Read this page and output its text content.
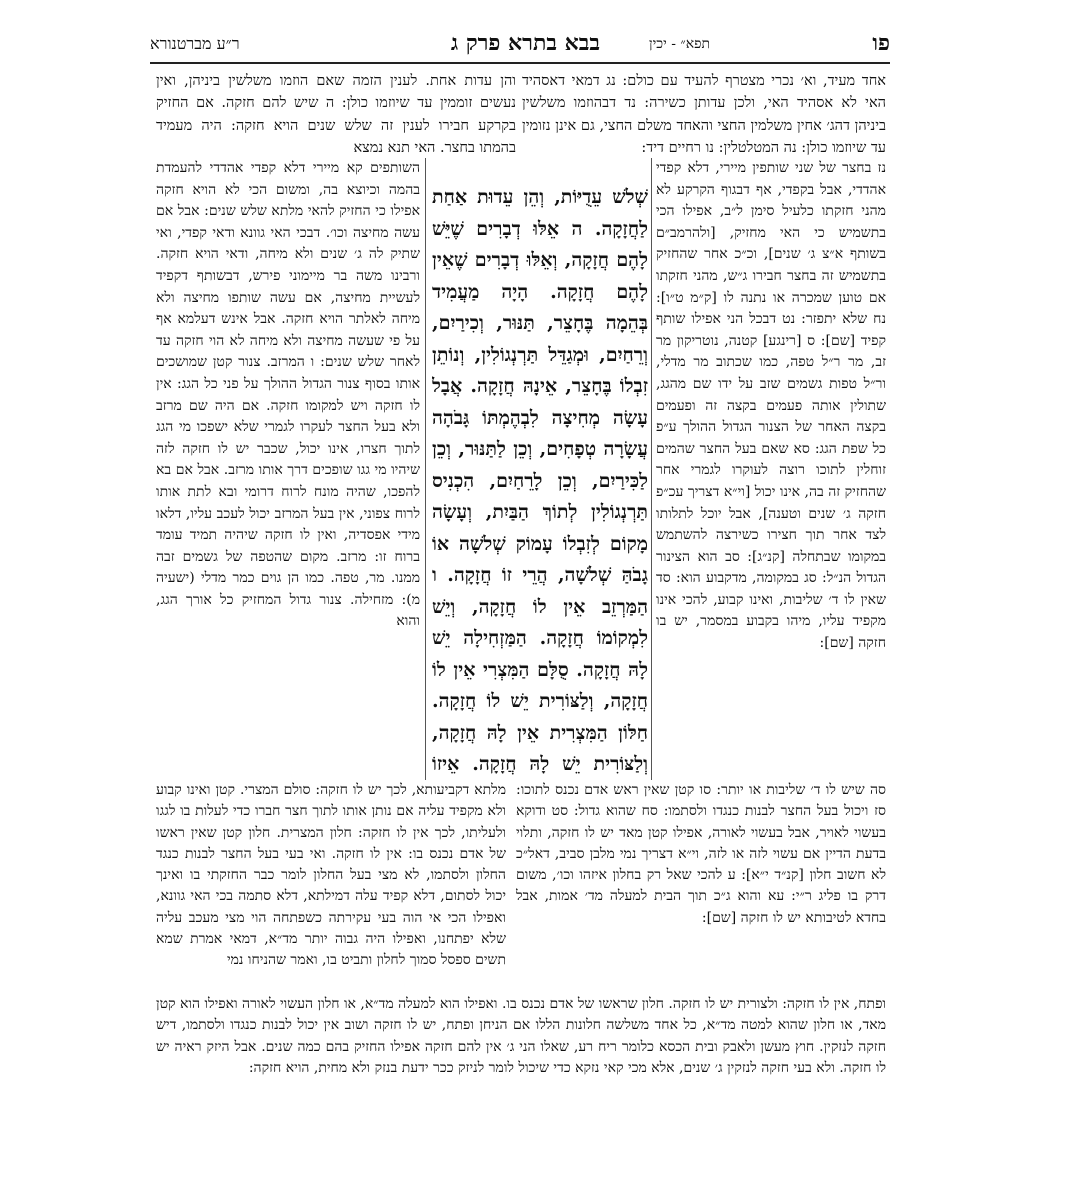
פו
תפא״ - יכין
בבא בתרא פרק ג
ר״ע מברטנורא
אחד מעיד, וא׳ נכרי מצטרף להעיד עם כולם: נג דמאי דאסהיד האי לא אסהיד האי, ולכן עדותן כשירה: נד דבהוזמו משלשין ביניהן דהג׳ אחין משלמין החצי והאחד משלם החצי, גם אינן נזומין עד שיוזמו כולן: נה המטלטלין: נו רחיים דיד:
והן עדות אחת. לענין הזמה שאם הוזמו משלשין ביניהן, ואין נעשים זוממין עד שיוזמו כולן: ה שיש להם חזקה. אם החזיק בקרקע חבירו לענין זה שלש שנים הויא חזקה: היה מעמיד בהמתו בחצר. האי תנא נמצא
נז בחצר של שני שותפין מיירי, דלא קפדי אהדדי, אבל בקפדי, אף דבגוף הקרקע לא מהני חזקתו כלעיל סימן ל״ב, אפילו הכי בתשמיש כי האי מחזיק, [ולהרמב״ם בשותף א״צ ג׳ שנים], וכ״כ אחר שהחזיק בתשמיש זה בחצר חבירו ג״ש, מהני חזקתו אם טוען שמכרה או נתנה לו [ק״מ ט״ו]: נח שלא יתפזר: נט דבכל הני אפילו שותף קפיד [שם]: ס [רינגע] קטנה, נוטריקון מר זב, מר ר״ל טפה, כמו שכתוב מר מדלי, ור״ל טפות גשמים שזב על ידו שם מהגג, שתולין אותה פעמים בקצה זה ופעמים בקצה האחר של הצנור הגדול ההולך ע״פ כל שפת הגג: סא שאם בעל החצר שהמים זוחלין לתוכו רוצה לעוקרו לגמרי אחר שהחזיק זה בה, אינו יכול [וי״א דצריך עכ״פ חזקה ג׳ שנים וטענה], אבל יוכל לתלותו לצד אחר תוך חצירו כשירצה להשתמש במקומו שבתחלה [קנ״ג]: סב הוא הצינור הגדול הנ״ל: סג במקומה, מדקבוע הוא: סד שאין לו ד׳ שליבות, ואינו קבוע, להכי אינו מקפיד עליו, מיהו בקבוע במסמר, יש בו חזקה [שם]:
שְׁלשׁ עֵדֻיּוֹת, וְהֵן עֵדוּת אַחַת לַחֲזָקָה. ה אֵלּוּ דְבָרִים שֶׁיֵּשׁ לָהֶם חֲזָקָה, וְאֵלּוּ דְבָרִים שֶׁאֵין לָהֶם חֲזָקָה. הָיָה מַעֲמִיד בְּהֵמָה בֶּחָצֵר, תַּנּוּר, וְכִירַיִם, וְרֵחַיִם, וּמְגַדֵּל תַּרְנְגוֹלִין, וְנוֹתֵן זִבְלוֹ בֶּחָצֵר, אֵינָהּ חֲזָקָה. אֲבָל עָשָׂה מְחִיצָה לִבְהֶמְתּוֹ גָּבֹהָה עֲשָׂרָה טְפָחִים, וְכֵן לַתַּנּוּר, וְכֵן לַכִּירַיִם, וְכֵן לָרֵחַיִם, הִכְנִיס תַּרְנְגוֹלִין לְתוֹךְ הַבַּיִת, וְעָשָׂה מָקוֹם לְזִבְלוֹ עָמוֹק שְׁלשָׁה אוֹ גָבֹהַּ שְׁלשָׁה, הֲרֵי זוֹ חֲזָקָה. ו הַמַּרְזֵב אֵין לוֹ חֲזָקָה, וְיֵשׁ לִמְקוֹמוֹ חֲזָקָה. הַמַּזְחִילָה יֵשׁ לָהּ חֲזָקָה. סֻלָּם הַמִּצְרִי אֵין לוֹ חֲזָקָה, וְלַצּוֹרִית יֵשׁ לוֹ חֲזָקָה. חַלּוֹן הַמִּצְרִית אֵין לָהּ חֲזָקָה, וְלַצּוֹרִית יֵשׁ לָהּ חֲזָקָה. אֵיזוֹ
השותפים קא מיירי דלא קפדי אהדדי להעמדת בהמה וכיוצא בה, ומשום הכי לא הויא חזקה אפילו כי החזיק להאי מלתא שלש שנים: אבל אם עשה מחיצה וכו׳. דבכי האי גוונא ודאי קפדי, ואי שתיק לה ג׳ שנים ולא מיחה, ודאי הויא חזקה. ורבינו משה בר מיימוני פירש, דבשותף דקפיד לעשיית מחיצה, אם עשה שותפו מחיצה ולא מיחה לאלתר הויא חזקה. אבל אינש דעלמא אף על פי שעשה מחיצה ולא מיחה לא הוי חזקה עד לאחר שלש שנים: ו המרזב. צנור קטן שמושכים אותו בסוף צנור הגדול ההולך על פני כל הגג: אין לו חזקה ויש למקומו חזקה. אם היה שם מרזב ולא בעל החצר לעקרו לגמרי שלא ישפכו מי הגג לתוך חצרו, אינו יכול, שכבר יש לו חזקה לזה שיהיו מי גגו שופכים דרך אותו מרזב. אבל אם בא להפכו, שהיה מונח לרוח דרומי ובא לתת אותו לרוח צפוני, אין בעל המרזב יכול לעכב עליו, דלאו מידי אפסדיה, ואין לו חזקה שיהיה תמיד עומד ברוח זו: מרזב. מקום שהטפה של גשמים זבה ממנו. מר, טפה. כמו הן גוים כמר מדלי (ישעיה מ): מזחילה. צנור גדול המחזיק כל אורך הגג, והוא
סה שיש לו ד׳ שליבות או יותר: סו קטן שאין ראש אדם נכנס לתוכו: סז ויכול בעל החצר לבנות כנגדו ולסתמו: סח שהוא גדול: סט ודוקא בעשוי לאויר, אבל בעשוי לאורה, אפילו קטן מאד יש לו חזקה, ותלוי בדעת הדיין אם עשוי לזה או לזה, וי״א דצריך נמי מלבן סביב, דאל״כ לא חשוב חלון [קנ״ד י״א]: ע להכי שאל רק בחלון איזהו וכו׳, משום דרק בו פליג ר״י: עא והוא ג״כ תוך הבית למעלה מד׳ אמות, אבל בחדא לטיבותא יש לו חזקה [שם]:
מלתא דקביעותא, לכך יש לו חזקה: סולם המצרי. קטן ואינו קבוע ולא מקפיד עליה אם נותן אותו לתוך חצר חברו כדי לעלות בו לגגו ולעליתו, לכך אין לו חזקה: חלון המצרית. חלון קטן שאין ראשו של אדם נכנס בו: אין לו חזקה. ואי בעי בעל החצר לבנות כנגד החלון ולסתמו, לא מצי בעל החלון לומר כבר החזקתי בו ואינך יכול לסתום, דלא קפיד עלה דמילתא, דלא סתמה בכי האי גוונא, ואפילו הכי אי הוה בעי עקירתה כשפתחה הוי מצי מעכב עליה שלא יפתחנו, ואפילו היה גבוה יותר מד״א, דמאי אמרת שמא תשים ספסל סמוך לחלון ותביט בו, ואמר שהניחו נמי
ופתח, אין לו חזקה: ולצורית יש לו חזקה. חלון שראשו של אדם נכנס בו. ואפילו הוא למעלה מד״א, או חלון העשוי לאורה ואפילו הוא קטן מאד, או חלון שהוא למטה מד״א, כל אחד משלשה חלונות הללו אם הניחן ופתח, יש לו חזקה ושוב אין יכול לבנות כנגדו ולסתמו, דיש חזקה לנזקין. חוץ מעשן ולאבק ובית הכסא כלומר ריח רע, שאלו הני ג׳ אין להם חזקה אפילו החזיק בהם כמה שנים. אבל היזק ראיה יש לו חזקה. ולא בעי חזקה לנזקין ג׳ שנים, אלא מכי קאי נזקא כדי שיכול לומר לניזק ככר ידעת בנזק ולא מחית, הויא חזקה:
